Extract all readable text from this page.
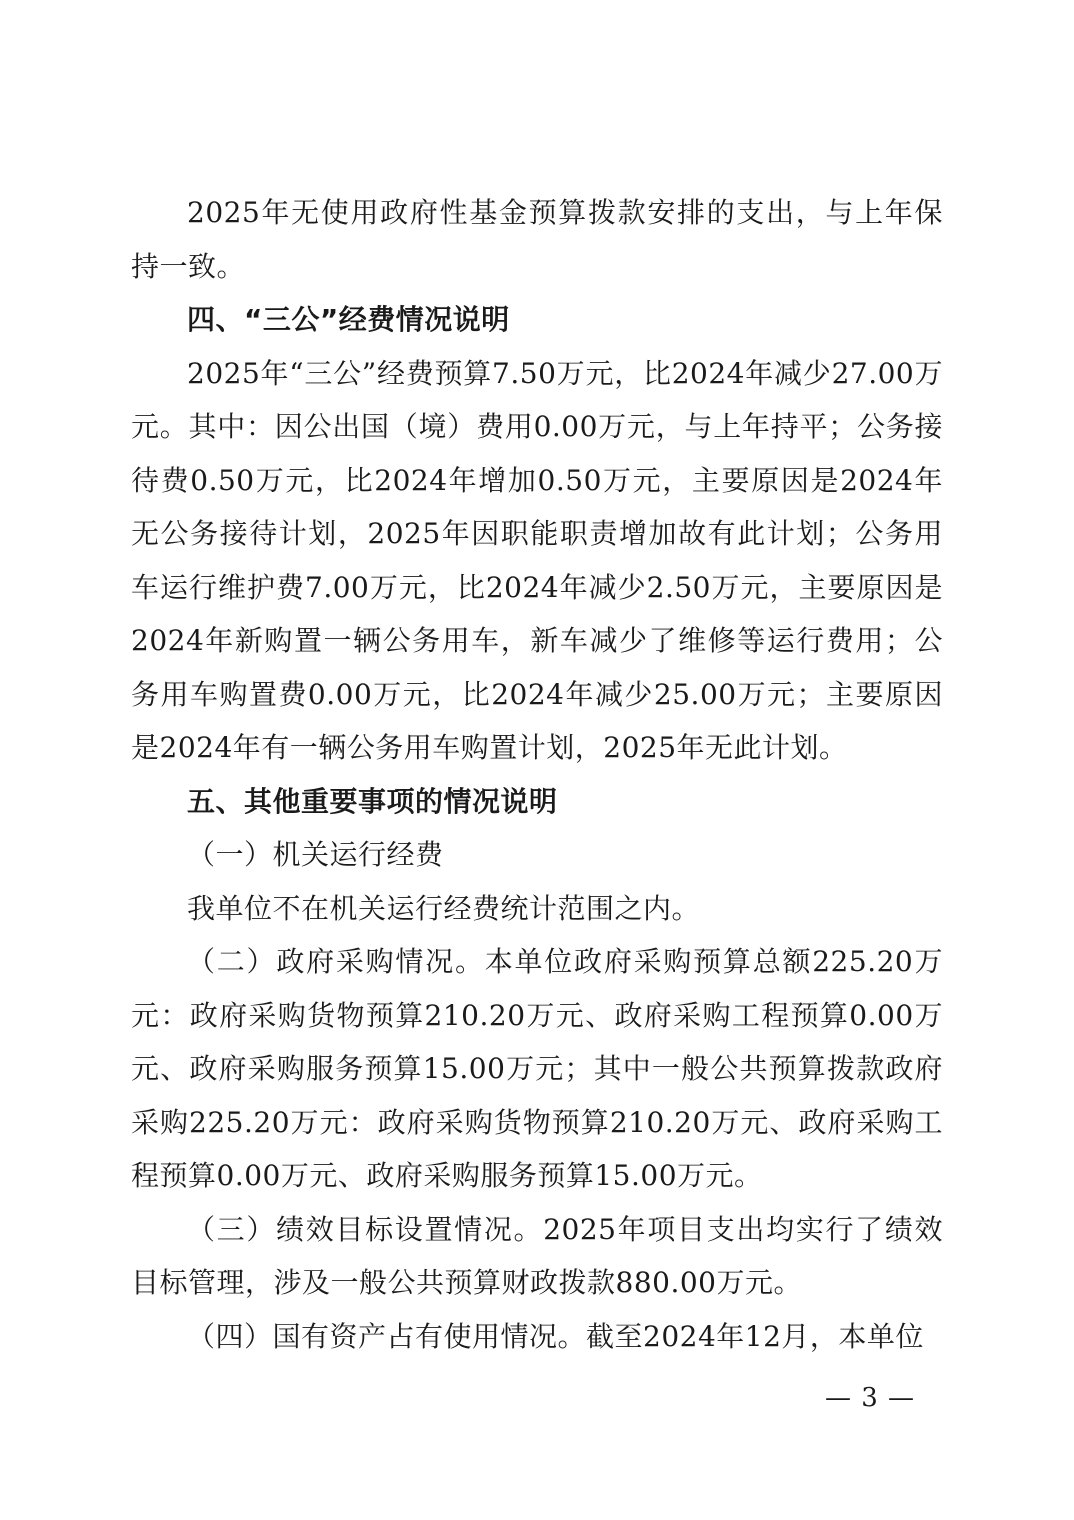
2025年无使用政府性基金预算拨款安排的支出，与上年保持一致。

四、“三公”经费情况说明

2025年“三公”经费预算7.50万元，比2024年减少27.00万元。其中：因公出国（境）费用0.00万元，与上年持平；公务接待费0.50万元，比2024年增加0.50万元，主要原因是2024年无公务接待计划，2025年因职能职责增加故有此计划；公务用车运行维护费7.00万元，比2024年减少2.50万元，主要原因是2024年新购置一辆公务用车，新车减少了维修等运行费用；公务用车购置费0.00万元，比2024年减少25.00万元；主要原因是2024年有一辆公务用车购置计划，2025年无此计划。

五、其他重要事项的情况说明

（一）机关运行经费

我单位不在机关运行经费统计范围之内。

（二）政府采购情况。本单位政府采购预算总额225.20万元：政府采购货物预算210.20万元、政府采购工程预算0.00万元、政府采购服务预算15.00万元；其中一般公共预算拨款政府采购225.20万元：政府采购货物预算210.20万元、政府采购工程预算0.00万元、政府采购服务预算15.00万元。

（三）绩效目标设置情况。2025年项目支出均实行了绩效目标管理，涉及一般公共预算财政拨款880.00万元。

（四）国有资产占有使用情况。截至2024年12月，本单位

— 3 —
